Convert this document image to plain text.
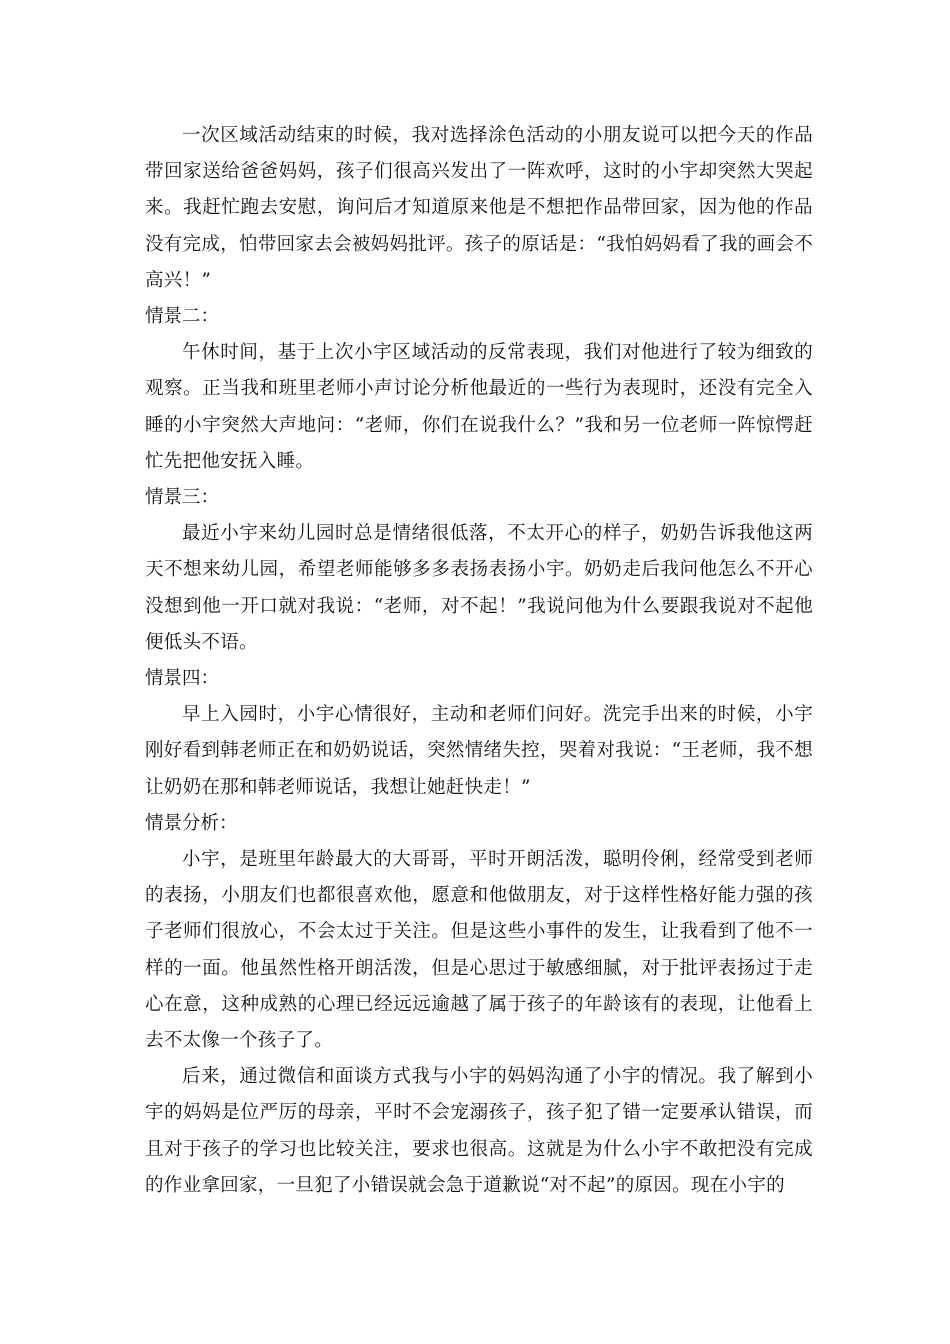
一次区域活动结束的时候，我对选择涂色活动的小朋友说可以把今天的作品带回家送给爸爸妈妈，孩子们很高兴发出了一阵欢呼，这时的小宇却突然大哭起来。我赶忙跑去安慰，询问后才知道原来他是不想把作品带回家，因为他的作品没有完成，怕带回家去会被妈妈批评。孩子的原话是：“我怕妈妈看了我的画会不高兴！”

情景二：

午休时间，基于上次小宇区域活动的反常表现，我们对他进行了较为细致的观察。正当我和班里老师小声讨论分析他最近的一些行为表现时，还没有完全入睡的小宇突然大声地问：“老师，你们在说我什么？”我和另一位老师一阵惊愕赶忙先把他安抚入睡。

情景三：

最近小宇来幼儿园时总是情绪很低落，不太开心的样子，奶奶告诉我他这两天不想来幼儿园，希望老师能够多多表扬表扬小宇。奶奶走后我问他怎么不开心没想到他一开口就对我说：“老师，对不起！”我说问他为什么要跟我说对不起他便低头不语。

情景四：

早上入园时，小宇心情很好，主动和老师们问好。洗完手出来的时候，小宇刚好看到韩老师正在和奶奶说话，突然情绪失控，哭着对我说：“王老师，我不想让奶奶在那和韩老师说话，我想让她赶快走！”

情景分析：

小宇，是班里年龄最大的大哥哥，平时开朗活泼，聪明伶俐，经常受到老师的表扬，小朋友们也都很喜欢他，愿意和他做朋友，对于这样性格好能力强的孩子老师们很放心，不会太过于关注。但是这些小事件的发生，让我看到了他不一样的一面。他虽然性格开朗活泼，但是心思过于敏感细腻，对于批评表扬过于走心在意，这种成熟的心理已经远远逾越了属于孩子的年龄该有的表现，让他看上去不太像一个孩子了。

后来，通过微信和面谈方式我与小宇的妈妈沟通了小宇的情况。我了解到小宇的妈妈是位严厉的母亲，平时不会宠溺孩子，孩子犯了错一定要承认错误，而且对于孩子的学习也比较关注，要求也很高。这就是为什么小宇不敢把没有完成的作业拿回家，一旦犯了小错误就会急于道歉说“对不起”的原因。现在小宇的
